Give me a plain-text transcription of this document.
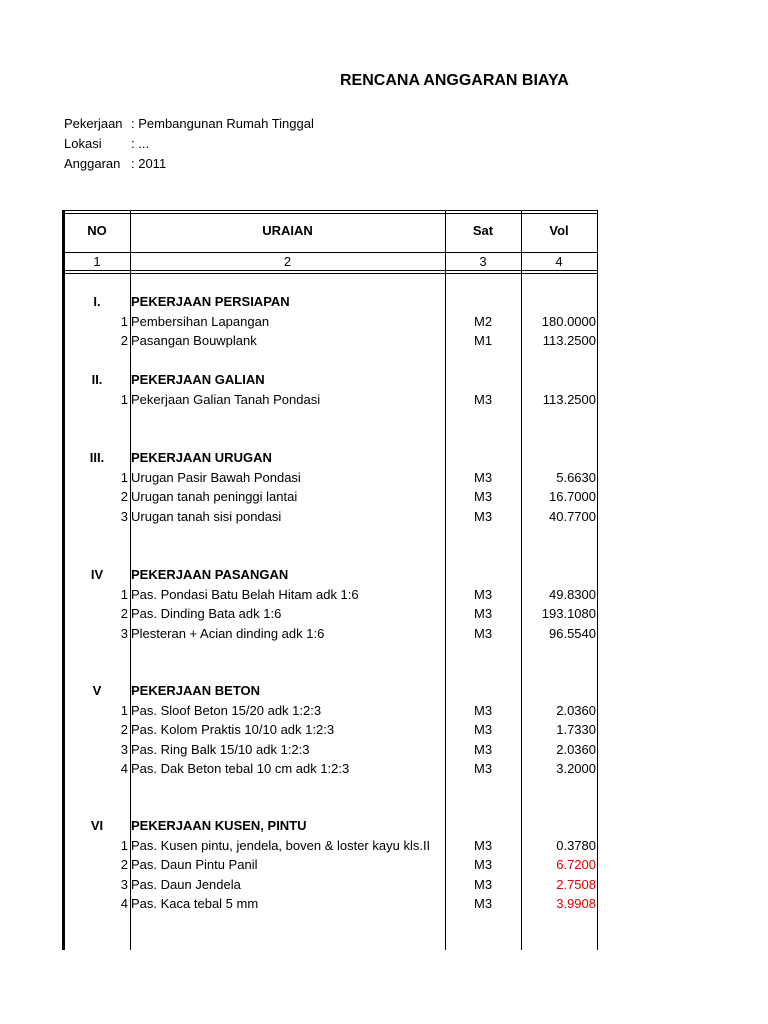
RENCANA ANGGARAN BIAYA
Pekerjaan : Pembangunan Rumah Tinggal
Lokasi : ...
Anggaran : 2011
NO	URAIAN	Sat	Vol
1	2	3	4
I.	PEKERJAAN PERSIAPAN
1 Pembersihan Lapangan	M2	180.0000
2 Pasangan Bouwplank	M1	113.2500
II.	PEKERJAAN GALIAN
1 Pekerjaan Galian Tanah Pondasi	M3	113.2500
III.	PEKERJAAN URUGAN
1 Urugan Pasir Bawah Pondasi	M3	5.6630
2 Urugan tanah peninggi lantai	M3	16.7000
3 Urugan tanah sisi pondasi	M3	40.7700
IV	PEKERJAAN PASANGAN
1 Pas. Pondasi Batu Belah Hitam adk 1:6	M3	49.8300
2 Pas. Dinding Bata adk 1:6	M3	193.1080
3 Plesteran + Acian dinding adk 1:6	M3	96.5540
V	PEKERJAAN BETON
1 Pas. Sloof Beton 15/20 adk 1:2:3	M3	2.0360
2 Pas. Kolom Praktis 10/10 adk 1:2:3	M3	1.7330
3 Pas. Ring Balk 15/10 adk 1:2:3	M3	2.0360
4 Pas. Dak Beton tebal 10 cm adk 1:2:3	M3	3.2000
VI	PEKERJAAN KUSEN, PINTU
1 Pas. Kusen pintu, jendela, boven & loster kayu kls.II	M3	0.3780
2 Pas. Daun Pintu Panil	M3	6.7200
3 Pas. Daun Jendela	M3	2.7508
4 Pas. Kaca tebal 5 mm	M3	3.9908
